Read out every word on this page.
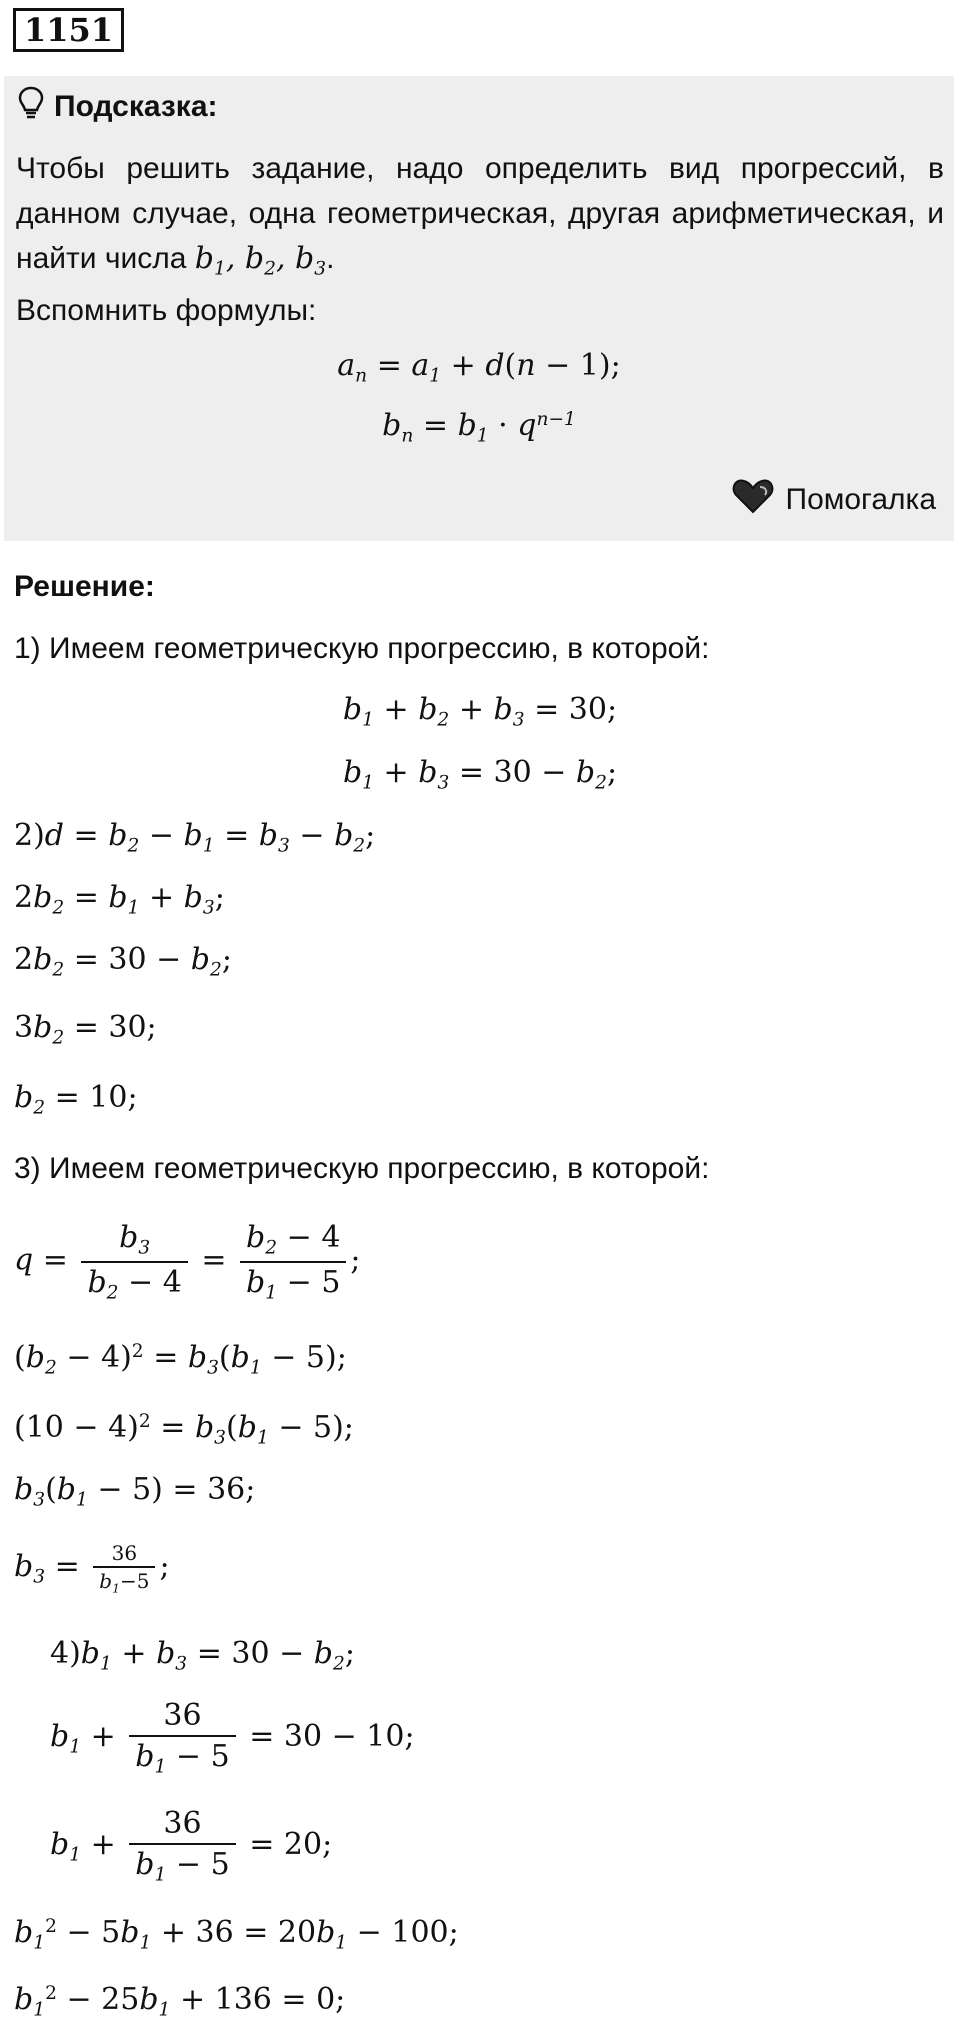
1151
Подсказка:
Чтобы решить задание, надо определить вид прогрессий, в данном случае, одна геометрическая, другая арифметическая, и найти числа $b_1$, $b_2$, $b_3$.
Вспомнить формулы:
$a_n = a_1 + d(n - 1)$;
$b_n = b_1 \cdot q^{n-1}$
Помогалка
Решение:
1) Имеем геометрическую прогрессию, в которой:
$b_1 + b_2 + b_3 = 30$;
$b_1 + b_3 = 30 - b_2$;
$2)d = b_2 - b_1 = b_3 - b_2$;
$2b_2 = b_1 + b_3$;
$2b_2 = 30 - b_2$;
$3b_2 = 30$;
$b_2 = 10$;
3) Имеем геометрическую прогрессию, в которой:
$q = \frac{b_3}{b_2 - 4} = \frac{b_2 - 4}{b_1 - 5}$ ;
$(b_2 - 4)^2 = b_3(b_1 - 5)$;
$(10 - 4)^2 = b_3(b_1 - 5)$;
$b_3(b_1 - 5) = 36$;
$b_3 = \frac{36}{b_1-5}$ ;
$4)b_1 + b_3 = 30 - b_2$;
$b_1 + \frac{36}{b_1 - 5} = 30 - 10$;
$b_1 + \frac{36}{b_1 - 5} = 20$;
$b_1^2 - 5b_1 + 36 = 20b_1 - 100$;
$b_1^2 - 25b_1 + 136 = 0$;
